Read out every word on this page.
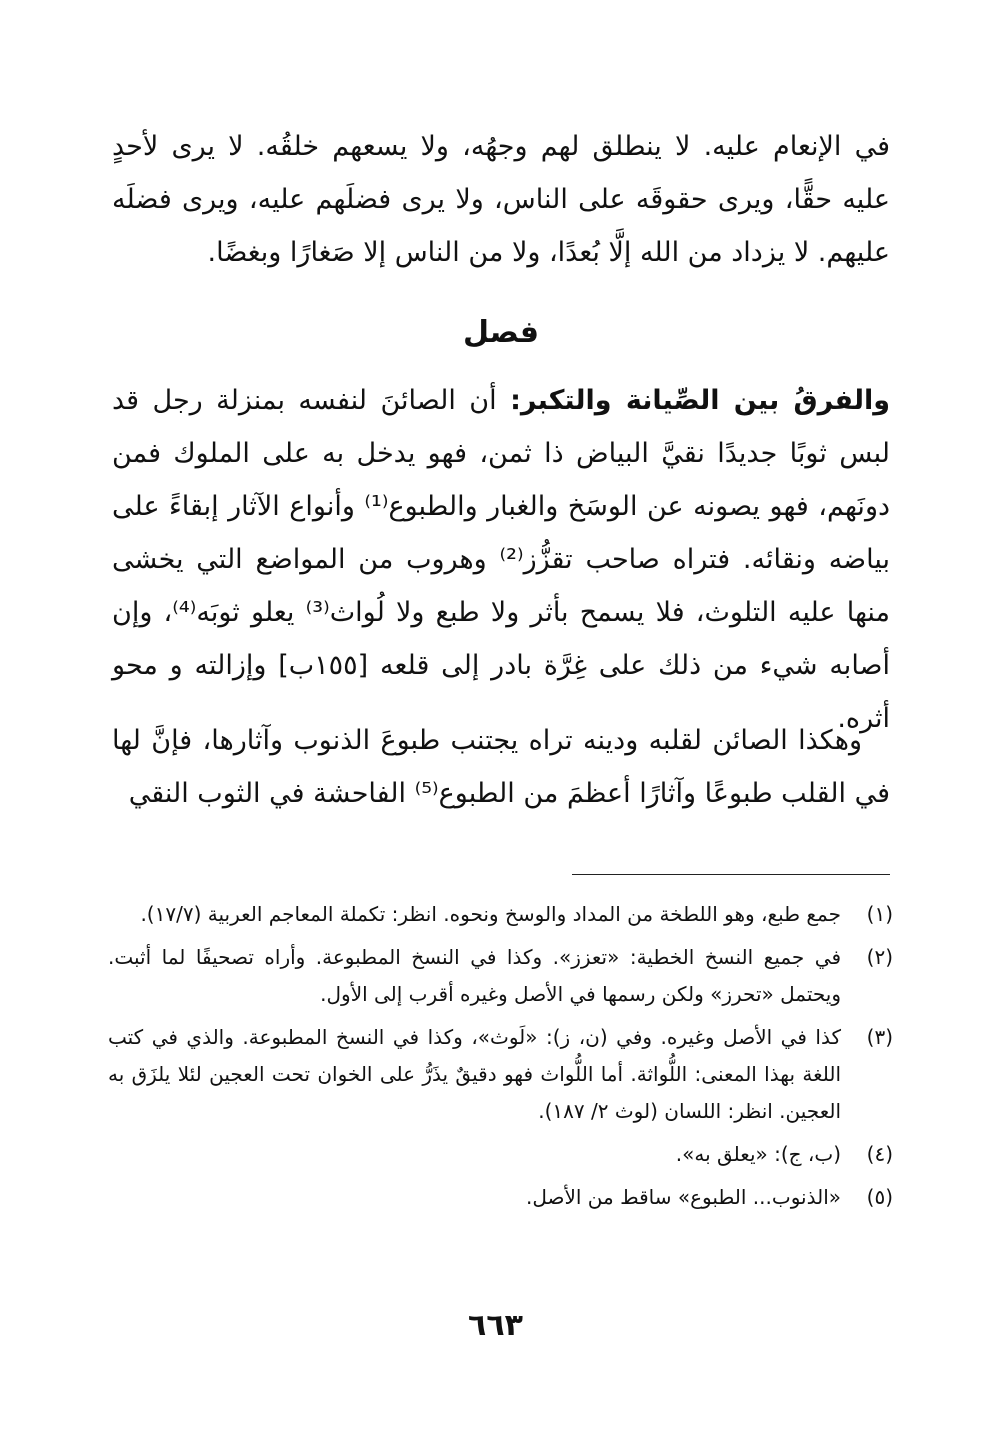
في الإنعام عليه. لا ينطلق لهم وجهُه، ولا يسعهم خلقُه. لا يرى لأحدٍ عليه حقًّا، ويرى حقوقَه على الناس، ولا يرى فضلَهم عليه، ويرى فضلَه عليهم. لا يزداد من الله إلَّا بُعدًا، ولا من الناس إلا صَغارًا وبغضًا.

فصل

والفرقُ بين الصِّيانة والتكبر: أن الصائنَ لنفسه بمنزلة رجل قد لبس ثوبًا جديدًا نقيَّ البياض ذا ثمن، فهو يدخل به على الملوك فمن دونَهم، فهو يصونه عن الوسَخ والغبار والطبوع⁽¹⁾ وأنواع الآثار إبقاءً على بياضه ونقائه. فتراه صاحب تقزُّز⁽²⁾ وهروب من المواضع التي يخشى منها عليه التلوث، فلا يسمح بأثر ولا طبع ولا لُواث⁽³⁾ يعلو ثوبَه⁽⁴⁾، وإن أصابه شيء من ذلك على غِرَّة بادر إلى قلعه [١٥٥ب] وإزالته و محو أثره.

وهكذا الصائن لقلبه ودينه تراه يجتنب طبوعَ الذنوب وآثارها، فإنَّ لها في القلب طبوعًا وآثارًا أعظمَ من الطبوع⁽⁵⁾ الفاحشة في الثوب النقي

(١)
جمع طبع، وهو اللطخة من المداد والوسخ ونحوه. انظر: تكملة المعاجم العربية (١٧/٧).
(٢)
في جميع النسخ الخطية: «تعزز». وكذا في النسخ المطبوعة. وأراه تصحيفًا لما أثبت. ويحتمل «تحرز» ولكن رسمها في الأصل وغيره أقرب إلى الأول.
(٣)
كذا في الأصل وغيره. وفي (ن، ز): «لَوث»، وكذا في النسخ المطبوعة. والذي في كتب اللغة بهذا المعنى: اللُّواثة. أما اللُّواث فهو دقيقٌ يذَرُّ على الخوان تحت العجين لئلا يلزَق به العجين. انظر: اللسان (لوث ٢/ ١٨٧).
(٤)
(ب، ج): «يعلق به».
(٥)
«الذنوب... الطبوع» ساقط من الأصل.
٦٦٣
